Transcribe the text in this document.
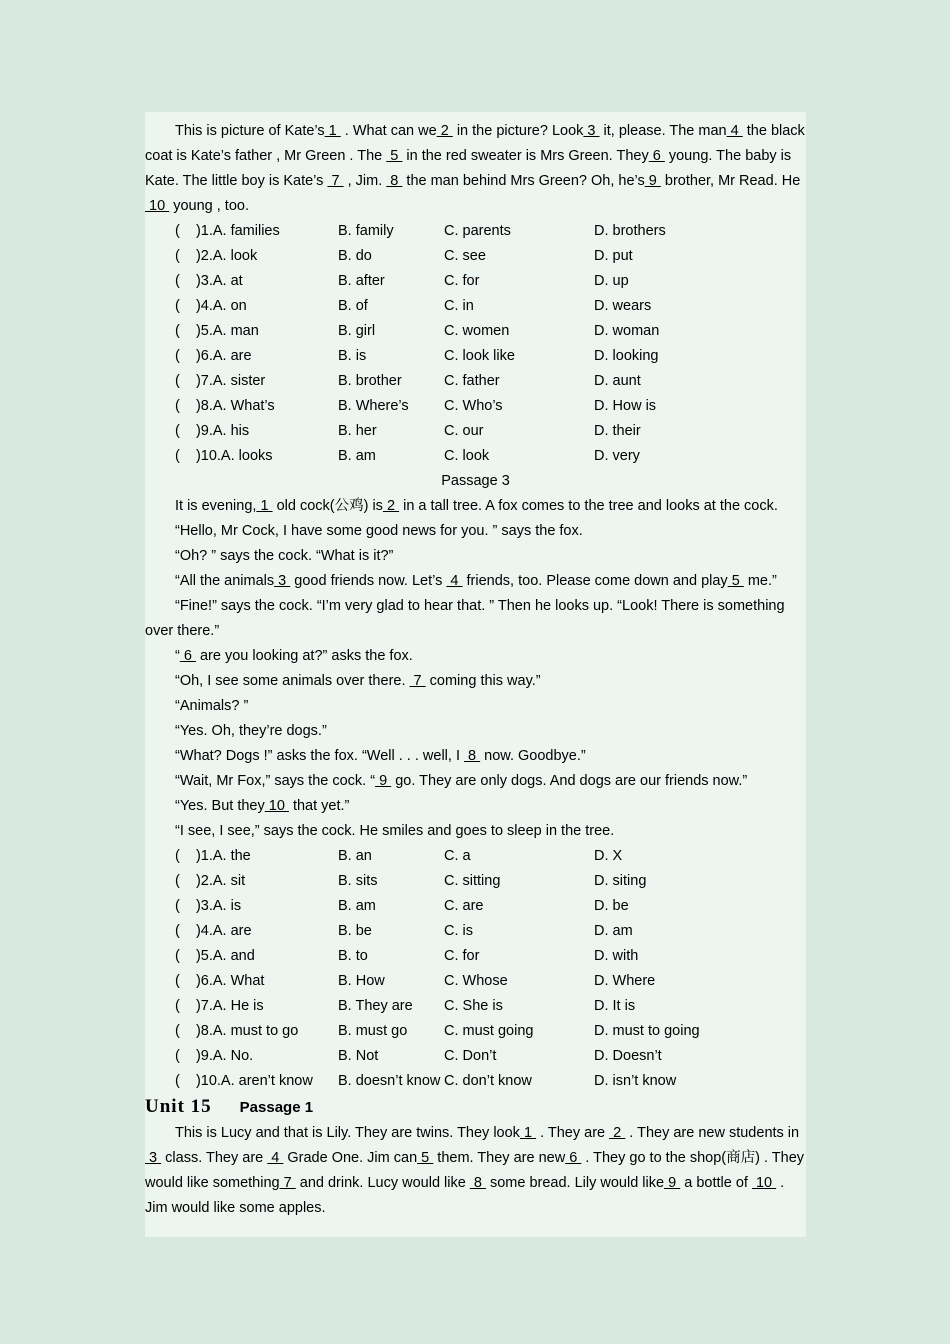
This is picture of Kate’s 1  . What can we 2  in the picture? Look 3  it, please. The man 4  the black coat is Kate’s father , Mr Green . The  5  in the red sweater is Mrs Green. They 6  young. The baby is Kate. The little boy is Kate’s  7  , Jim.  8  the man behind Mrs Green? Oh, he’s 9  brother, Mr Read. He  10  young , too.

(    )1.A. families	B. family	C. parents	D. brothers
(    )2.A. look	B. do	C. see	D. put
(    )3.A. at	B. after	C. for	D. up
(    )4.A. on	B. of	C. in	D. wears
(    )5.A. man	B. girl	C. women	D. woman
(    )6.A. are	B. is	C. look like	D. looking
(    )7.A. sister	B. brother	C. father	D. aunt
(    )8.A. What’s	B. Where’s	C. Who’s	D. How is
(    )9.A. his	B. her	C. our	D. their
(    )10.A. looks	B. am	C. look	D. very
Passage 3

It is evening, 1  old cock(公鸡) is 2  in a tall tree. A fox comes to the tree and looks at the cock.

“Hello, Mr Cock, I have some good news for you. ” says the fox.

“Oh? ” says the cock. “What is it?”

“All the animals 3  good friends now. Let’s  4  friends, too. Please come down and play 5  me.”

“Fine!” says the cock. “I’m very glad to hear that. ” Then he looks up. “Look! There is something over there.”

“ 6  are you looking at?” asks the fox.

“Oh, I see some animals over there.  7  coming this way.”

“Animals? ”

“Yes. Oh, they’re dogs.”

“What? Dogs !” asks the fox. “Well . . . well, I  8  now. Goodbye.”

“Wait, Mr Fox,” says the cock. “ 9  go. They are only dogs. And dogs are our friends now.”

“Yes. But they 10  that yet.”

“I see, I see,” says the cock. He smiles and goes to sleep in the tree.

(    )1.A. the	B. an	C. a	D. X
(    )2.A. sit	B. sits	C. sitting	D. siting
(    )3.A. is	B. am	C. are	D. be
(    )4.A. are	B. be	C. is	D. am
(    )5.A. and	B. to	C. for	D. with
(    )6.A. What	B. How	C. Whose	D. Where
(    )7.A. He is	B. They are	C. She is	D. It is
(    )8.A. must to go	B. must go	C. must going	D. must to going
(    )9.A. No.	B. Not	C. Don’t	D. Doesn’t
(    )10.A. aren’t know	B. doesn’t know C. don’t know	D. isn’t know
Unit 15 Passage 1

This is Lucy and that is Lily. They are twins. They look 1  . They are  2  . They are new students in  3  class. They are  4  Grade One. Jim can 5  them. They are new 6  . They go to the shop(商店) . They would like something 7  and drink. Lucy would like  8  some bread. Lily would like 9  a bottle of  10  . Jim would like some apples.
